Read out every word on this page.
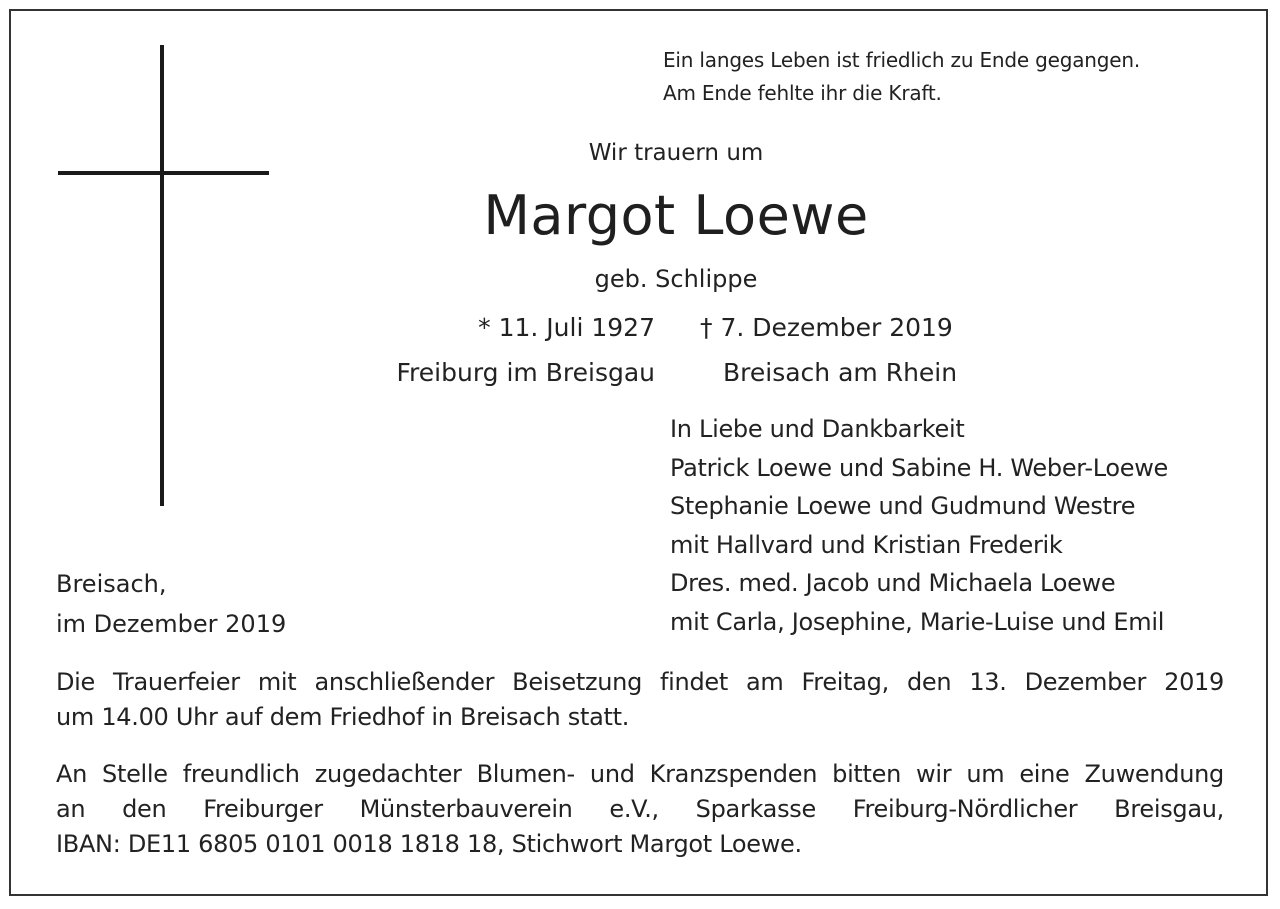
Ein langes Leben ist friedlich zu Ende gegangen.
Am Ende fehlte ihr die Kraft.
Wir trauern um
Margot Loewe
geb. Schlippe
* 11. Juli 1927
Freiburg im Breisgau
† 7. Dezember 2019
Breisach am Rhein
In Liebe und Dankbarkeit
Patrick Loewe und Sabine H. Weber-Loewe
Stephanie Loewe und Gudmund Westre
mit Hallvard und Kristian Frederik
Dres. med. Jacob und Michaela Loewe
mit Carla, Josephine, Marie-Luise und Emil
Breisach,
im Dezember 2019
Die Trauerfeier mit anschließender Beisetzung findet am Freitag, den 13. Dezember 2019
um 14.00 Uhr auf dem Friedhof in Breisach statt.
An Stelle freundlich zugedachter Blumen- und Kranzspenden bitten wir um eine Zuwendung
an den Freiburger Münsterbauverein e.V., Sparkasse Freiburg-Nördlicher Breisgau,
IBAN: DE11 6805 0101 0018 1818 18, Stichwort Margot Loewe.
